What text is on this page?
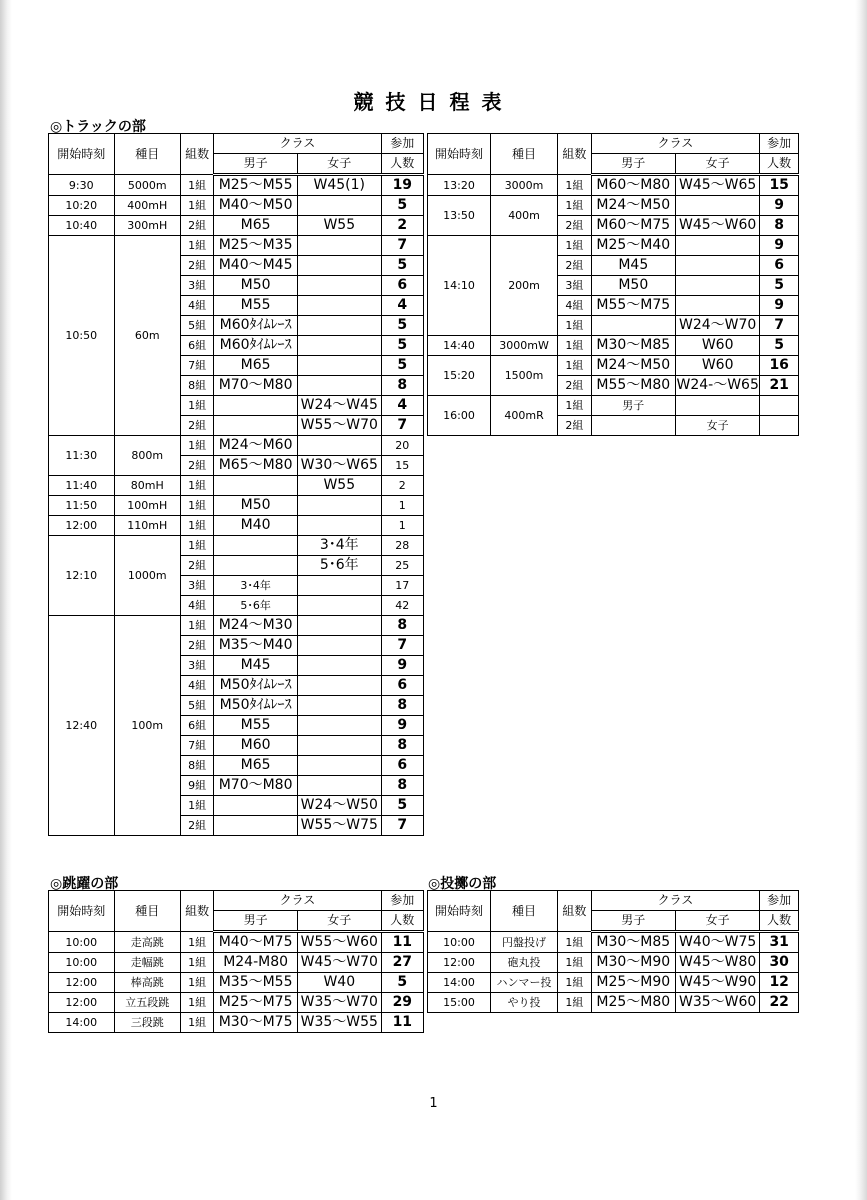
競技日程表
◎トラックの部
◎跳躍の部	◎投擲の部
開始時刻	種目	組数	クラス		参加
			男子	女子	人数
9:30	5000m	1組	M25～M55	W45(1)	19
10:20	400mH	1組	M40～M50		5
10:40	300mH	2組	M65	W55	2
10:50	60m	1組	M25～M35		7
		2組	M40～M45		5
		3組	M50		6
		4組	M55		4
		5組	M60ﾀｲﾑﾚｰｽ		5
		6組	M60ﾀｲﾑﾚｰｽ		5
		7組	M65		5
		8組	M70～M80		8
		1組		W24～W45	4
		2組		W55～W70	7
11:30	800m	1組	M24～M60		20
		2組	M65～M80	W30～W65	15
11:40	80mH	1組		W55	2
11:50	100mH	1組	M50		1
12:00	110mH	1組	M40		1
12:10	1000m	1組		3･4年	28
		2組		5･6年	25
		3組	3･4年		17
		4組	5･6年		42
12:40	100m	1組	M24～M30		8
		2組	M35～M40		7
		3組	M45		9
		4組	M50ﾀｲﾑﾚｰｽ		6
		5組	M50ﾀｲﾑﾚｰｽ		8
		6組	M55		9
		7組	M60		8
		8組	M65		6
		9組	M70～M80		8
		1組		W24～W50	5
		2組		W55～W75	7
開始時刻	種目	組数	クラス		参加
			男子	女子	人数
13:20	3000m	1組	M60～M80	W45～W65	15
13:50	400m	1組	M24～M50		9
		2組	M60～M75	W45～W60	8
14:10	200m	1組	M25～M40		9
		2組	M45		6
		3組	M50		5
		4組	M55～M75		9
		1組		W24～W70	7
14:40	3000mW	1組	M30～M85	W60	5
15:20	1500m	1組	M24～M50	W60	16
		2組	M55～M80	W24-～W65	21
16:00	400mR	1組	男子		
		2組		女子	
開始時刻	種目	組数	クラス		参加
			男子	女子	人数
10:00	走高跳	1組	M40～M75	W55～W60	11
10:00	走幅跳	1組	M24-M80	W45～W70	27
12:00	棒高跳	1組	M35～M55	W40	5
12:00	立五段跳	1組	M25～M75	W35～W70	29
14:00	三段跳	1組	M30～M75	W35～W55	11
開始時刻	種目	組数	クラス		参加
			男子	女子	人数
10:00	円盤投げ	1組	M30～M85	W40～W75	31
12:00	砲丸投	1組	M30～M90	W45～W80	30
14:00	ハンマー投	1組	M25～M90	W45～W90	12
15:00	やり投	1組	M25～M80	W35～W60	22
1
